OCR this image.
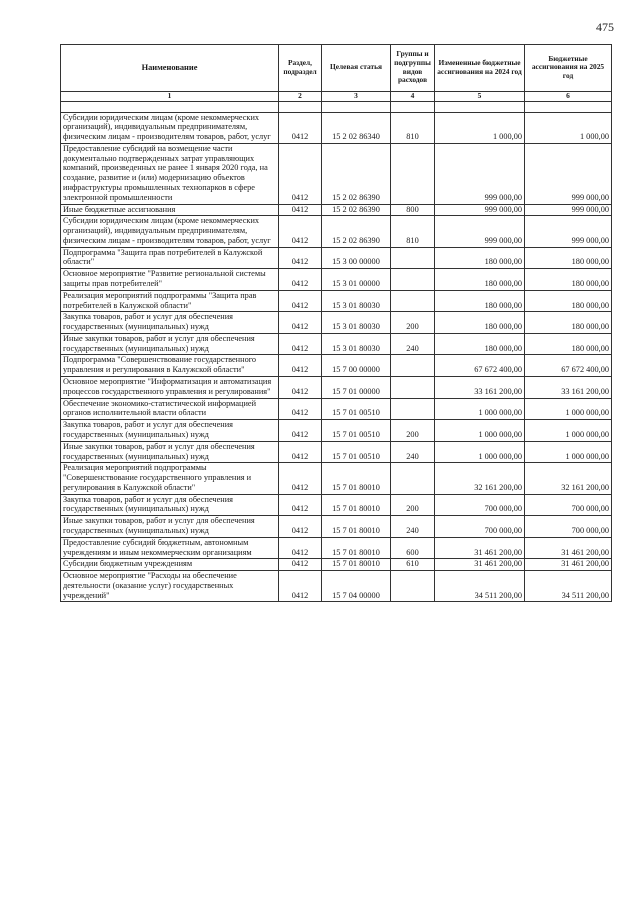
475
Наименование	Раздел, подраздел	Целевая статья	Группы и подгруппы видов расходов	Измененные бюджетные ассигнования на 2024 год	Бюджетные ассигнования на 2025 год
1	2	3	4	5	6

Субсидии юридическим лицам (кроме некоммерческих организаций), индивидуальным предпринимателям, физическим лицам - производителям товаров, работ, услуг	0412	15 2 02 86340	810	1 000,00	1 000,00
Предоставление субсидий на возмещение части документально подтвержденных затрат управляющих компаний, произведенных не ранее 1 января 2020 года, на создание, развитие и (или) модернизацию объектов инфраструктуры промышленных технопарков в сфере электронной промышленности	0412	15 2 02 86390		999 000,00	999 000,00
Иные бюджетные ассигнования	0412	15 2 02 86390	800	999 000,00	999 000,00
Субсидии юридическим лицам (кроме некоммерческих организаций), индивидуальным предпринимателям, физическим лицам - производителям товаров, работ, услуг	0412	15 2 02 86390	810	999 000,00	999 000,00
Подпрограмма "Защита прав потребителей в Калужской области"	0412	15 3 00 00000		180 000,00	180 000,00
Основное мероприятие "Развитие региональной системы защиты прав потребителей"	0412	15 3 01 00000		180 000,00	180 000,00
Реализация мероприятий подпрограммы "Защита прав потребителей в Калужской области"	0412	15 3 01 80030		180 000,00	180 000,00
Закупка товаров, работ и услуг для обеспечения государственных (муниципальных) нужд	0412	15 3 01 80030	200	180 000,00	180 000,00
Иные закупки товаров, работ и услуг для обеспечения государственных (муниципальных) нужд	0412	15 3 01 80030	240	180 000,00	180 000,00
Подпрограмма "Совершенствование государственного управления и регулирования в Калужской области"	0412	15 7 00 00000		67 672 400,00	67 672 400,00
Основное мероприятие "Информатизация и автоматизация процессов государственного управления и регулирования"	0412	15 7 01 00000		33 161 200,00	33 161 200,00
Обеспечение экономико-статистической информацией органов исполнительной власти области	0412	15 7 01 00510		1 000 000,00	1 000 000,00
Закупка товаров, работ и услуг для обеспечения государственных (муниципальных) нужд	0412	15 7 01 00510	200	1 000 000,00	1 000 000,00
Иные закупки товаров, работ и услуг для обеспечения государственных (муниципальных) нужд	0412	15 7 01 00510	240	1 000 000,00	1 000 000,00
Реализация мероприятий подпрограммы "Совершенствование государственного управления и регулирования в Калужской области"	0412	15 7 01 80010		32 161 200,00	32 161 200,00
Закупка товаров, работ и услуг для обеспечения государственных (муниципальных) нужд	0412	15 7 01 80010	200	700 000,00	700 000,00
Иные закупки товаров, работ и услуг для обеспечения государственных (муниципальных) нужд	0412	15 7 01 80010	240	700 000,00	700 000,00
Предоставление субсидий бюджетным, автономным учреждениям и иным некоммерческим организациям	0412	15 7 01 80010	600	31 461 200,00	31 461 200,00
Субсидии бюджетным учреждениям	0412	15 7 01 80010	610	31 461 200,00	31 461 200,00
Основное мероприятие "Расходы на обеспечение деятельности (оказание услуг) государственных учреждений"	0412	15 7 04 00000		34 511 200,00	34 511 200,00
